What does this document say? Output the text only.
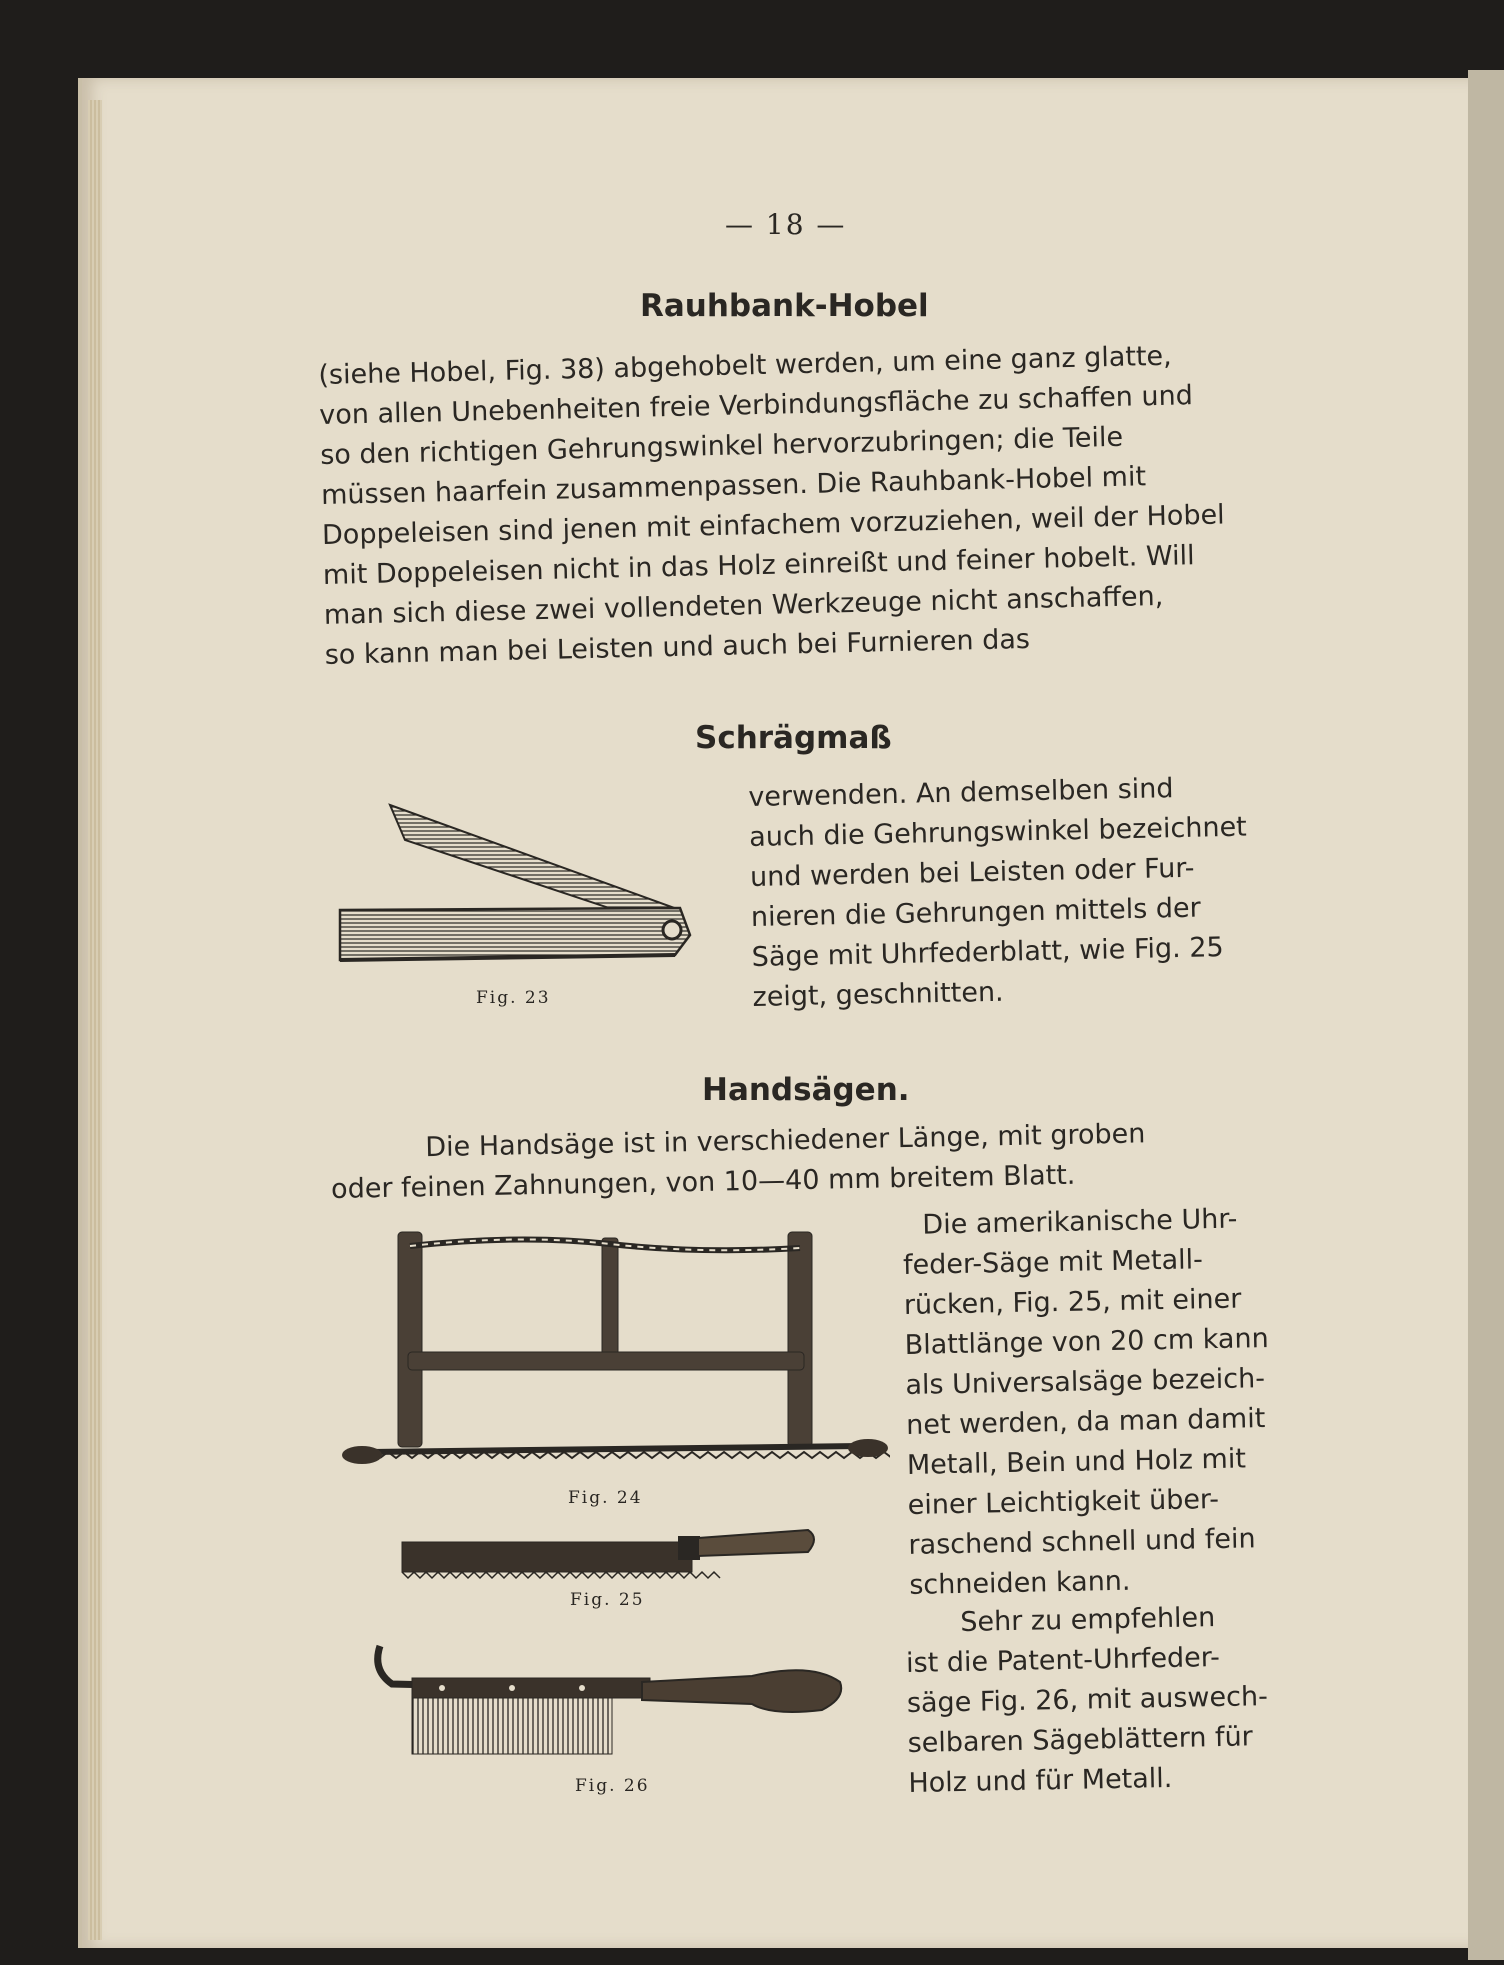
— 18 —

Rauhbank-Hobel

(siehe Hobel, Fig. 38) abgehobelt werden, um eine ganz glatte,
von allen Unebenheiten freie Verbindungsfläche zu schaffen und
so den richtigen Gehrungswinkel hervorzubringen; die Teile
müssen haarfein zusammenpassen. Die Rauhbank-Hobel mit
Doppeleisen sind jenen mit einfachem vorzuziehen, weil der Hobel
mit Doppeleisen nicht in das Holz einreißt und feiner hobelt. Will
man sich diese zwei vollendeten Werkzeuge nicht anschaffen,
so kann man bei Leisten und auch bei Furnieren das

Schrägmaß

verwenden. An demselben sind
auch die Gehrungswinkel bezeichnet
und werden bei Leisten oder Fur-
nieren die Gehrungen mittels der
Säge mit Uhrfederblatt, wie Fig. 25
zeigt, geschnitten.

Fig. 23

Handsägen.

Die Handsäge ist in verschiedener Länge, mit groben
oder feinen Zahnungen, von 10—40 mm breitem Blatt.
Die amerikanische Uhr-
feder-Säge mit Metall-
rücken, Fig. 25, mit einer
Blattlänge von 20 cm kann
als Universalsäge bezeich-
net werden, da man damit
Metall, Bein und Holz mit
einer Leichtigkeit über-
raschend schnell und fein
schneiden kann.
Sehr zu empfehlen
ist die Patent-Uhrfeder-
säge Fig. 26, mit auswech-
selbaren Sägeblättern für
Holz und für Metall.

Fig. 24

Fig. 25

Fig. 26
